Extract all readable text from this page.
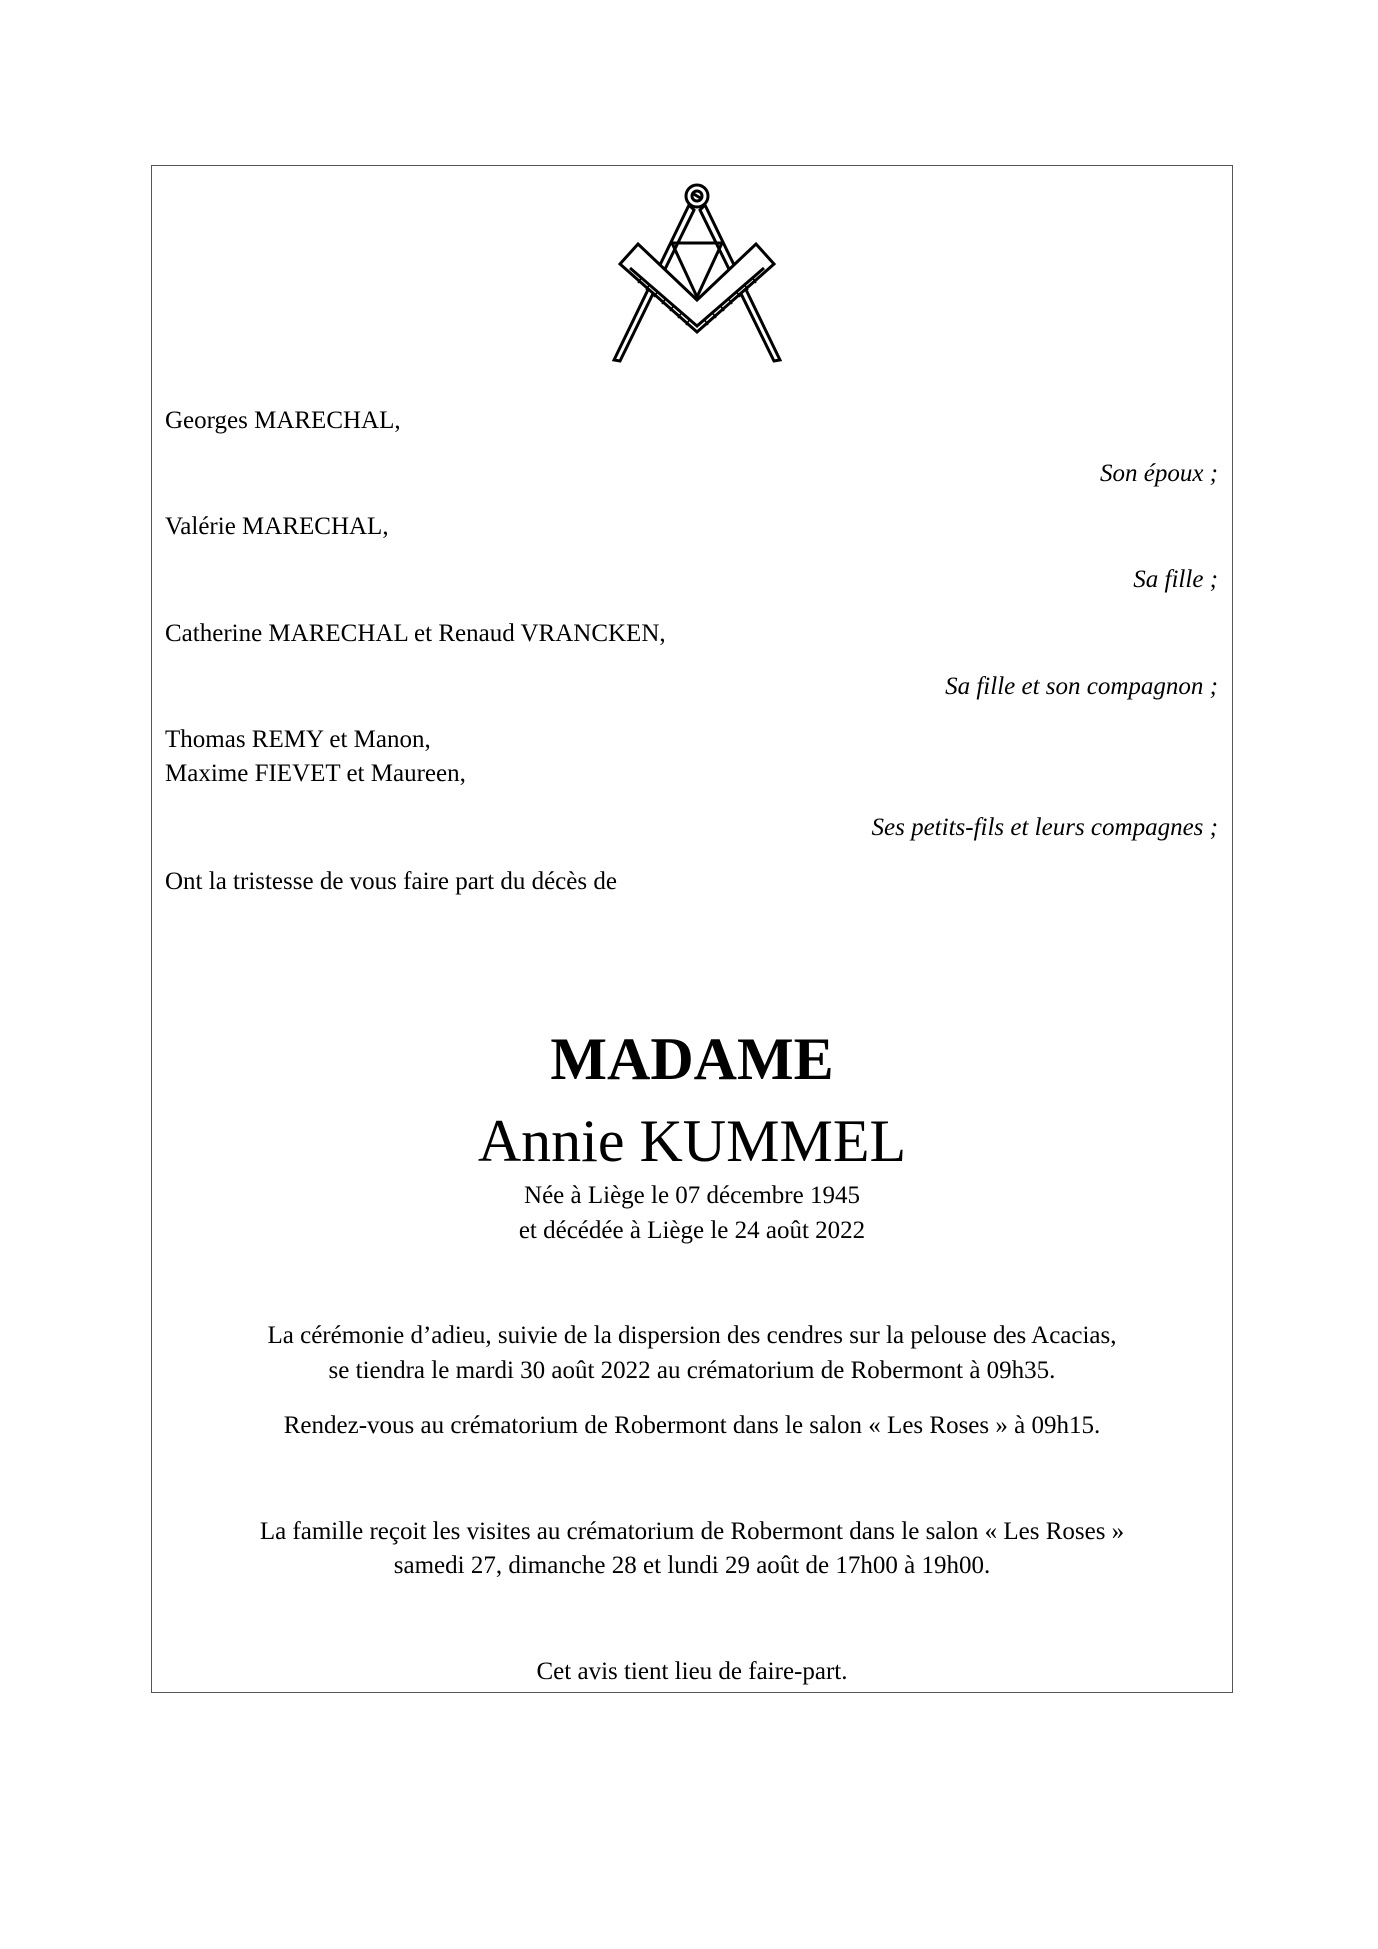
Georges MARECHAL,
Son époux ;
Valérie MARECHAL,
Sa fille ;
Catherine MARECHAL et Renaud VRANCKEN,
Sa fille et son compagnon ;
Thomas REMY et Manon,
Maxime FIEVET et Maureen,
Ses petits-fils et leurs compagnes ;
Ont la tristesse de vous faire part du décès de
MADAME
Annie KUMMEL
Née à Liège le 07 décembre 1945
et décédée à Liège le 24 août 2022
La cérémonie d’adieu, suivie de la dispersion des cendres sur la pelouse des Acacias,
se tiendra le mardi 30 août 2022 au crématorium de Robermont à 09h35.
Rendez-vous au crématorium de Robermont dans le salon « Les Roses » à 09h15.
La famille reçoit les visites au crématorium de Robermont dans le salon « Les Roses »
samedi 27, dimanche 28 et lundi 29 août de 17h00 à 19h00.
Cet avis tient lieu de faire-part.
